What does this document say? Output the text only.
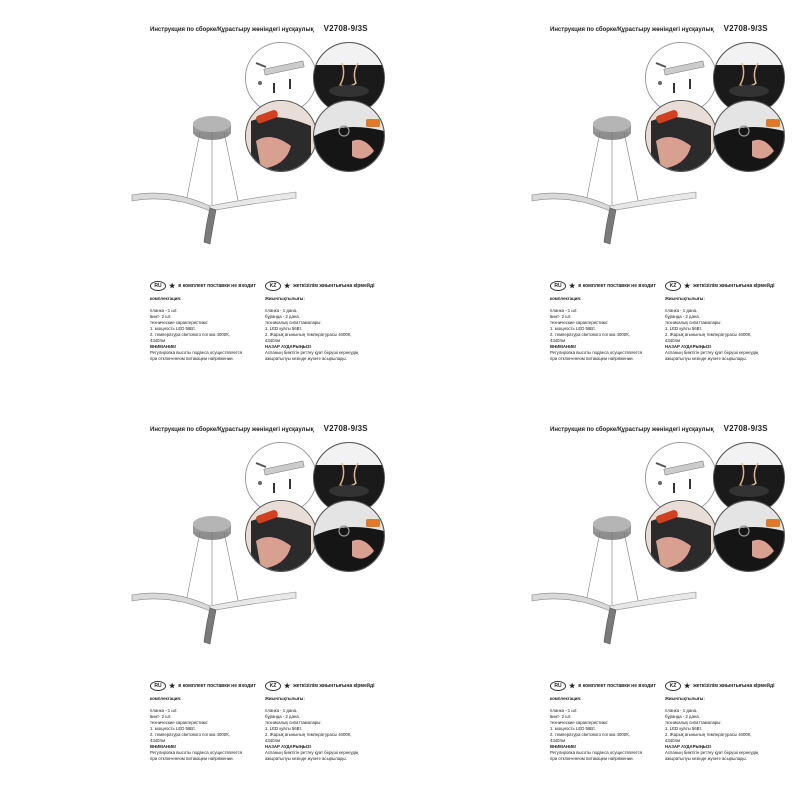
Инструкция по сборке/Құрастыру жөніндегі нұсқаулық V2708-9/3S
RU	★ в комплект поставки не входит	KZ	★ жеткізілім жиынтығына кірмейді
комплектация:
планка - 1 шт.
винт- 2 шт.
технические характеристики:
1. мощность LED 56Вт.
2. температура светового потока 4000К,
4340лм
ВНИМАНИЕ!
Регулировка высоты подвеса осуществляется
при отключенном питающем напряжении.
Жиынтықтылығы:
планка - 1 дана.
бұранда - 2 дана.
техникалық сипаттамалары:
1. LED қуаты 56Вт.
2. Жарық ағынының температурасы 4000К,
4340лм
НАЗАР АУДАРЫҢЫЗ!
Аспаның биіктігін реттеу қуат беруші кернеудің
ажыратылуы кезінде жүзеге асырылады.
Инструкция по сборке/Құрастыру жөніндегі нұсқаулық V2708-9/3S
RU	★ в комплект поставки не входит	KZ	★ жеткізілім жиынтығына кірмейді
комплектация:
планка - 1 шт.
винт- 2 шт.
технические характеристики:
1. мощность LED 56Вт.
2. температура светового потока 4000К,
4340лм
ВНИМАНИЕ!
Регулировка высоты подвеса осуществляется
при отключенном питающем напряжении.
Жиынтықтылығы:
планка - 1 дана.
бұранда - 2 дана.
техникалық сипаттамалары:
1. LED қуаты 56Вт.
2. Жарық ағынының температурасы 4000К,
4340лм
НАЗАР АУДАРЫҢЫЗ!
Аспаның биіктігін реттеу қуат беруші кернеудің
ажыратылуы кезінде жүзеге асырылады.
Инструкция по сборке/Құрастыру жөніндегі нұсқаулық V2708-9/3S
RU	★ в комплект поставки не входит	KZ	★ жеткізілім жиынтығына кірмейді
комплектация:
планка - 1 шт.
винт- 2 шт.
технические характеристики:
1. мощность LED 56Вт.
2. температура светового потока 4000К,
4340лм
ВНИМАНИЕ!
Регулировка высоты подвеса осуществляется
при отключенном питающем напряжении.
Жиынтықтылығы:
планка - 1 дана.
бұранда - 2 дана.
техникалық сипаттамалары:
1. LED қуаты 56Вт.
2. Жарық ағынының температурасы 4000К,
4340лм
НАЗАР АУДАРЫҢЫЗ!
Аспаның биіктігін реттеу қуат беруші кернеудің
ажыратылуы кезінде жүзеге асырылады.
Инструкция по сборке/Құрастыру жөніндегі нұсқаулық V2708-9/3S
RU	★ в комплект поставки не входит	KZ	★ жеткізілім жиынтығына кірмейді
комплектация:
планка - 1 шт.
винт- 2 шт.
технические характеристики:
1. мощность LED 56Вт.
2. температура светового потока 4000К,
4340лм
ВНИМАНИЕ!
Регулировка высоты подвеса осуществляется
при отключенном питающем напряжении.
Жиынтықтылығы:
планка - 1 дана.
бұранда - 2 дана.
техникалық сипаттамалары:
1. LED қуаты 56Вт.
2. Жарық ағынының температурасы 4000К,
4340лм
НАЗАР АУДАРЫҢЫЗ!
Аспаның биіктігін реттеу қуат беруші кернеудің
ажыратылуы кезінде жүзеге асырылады.
